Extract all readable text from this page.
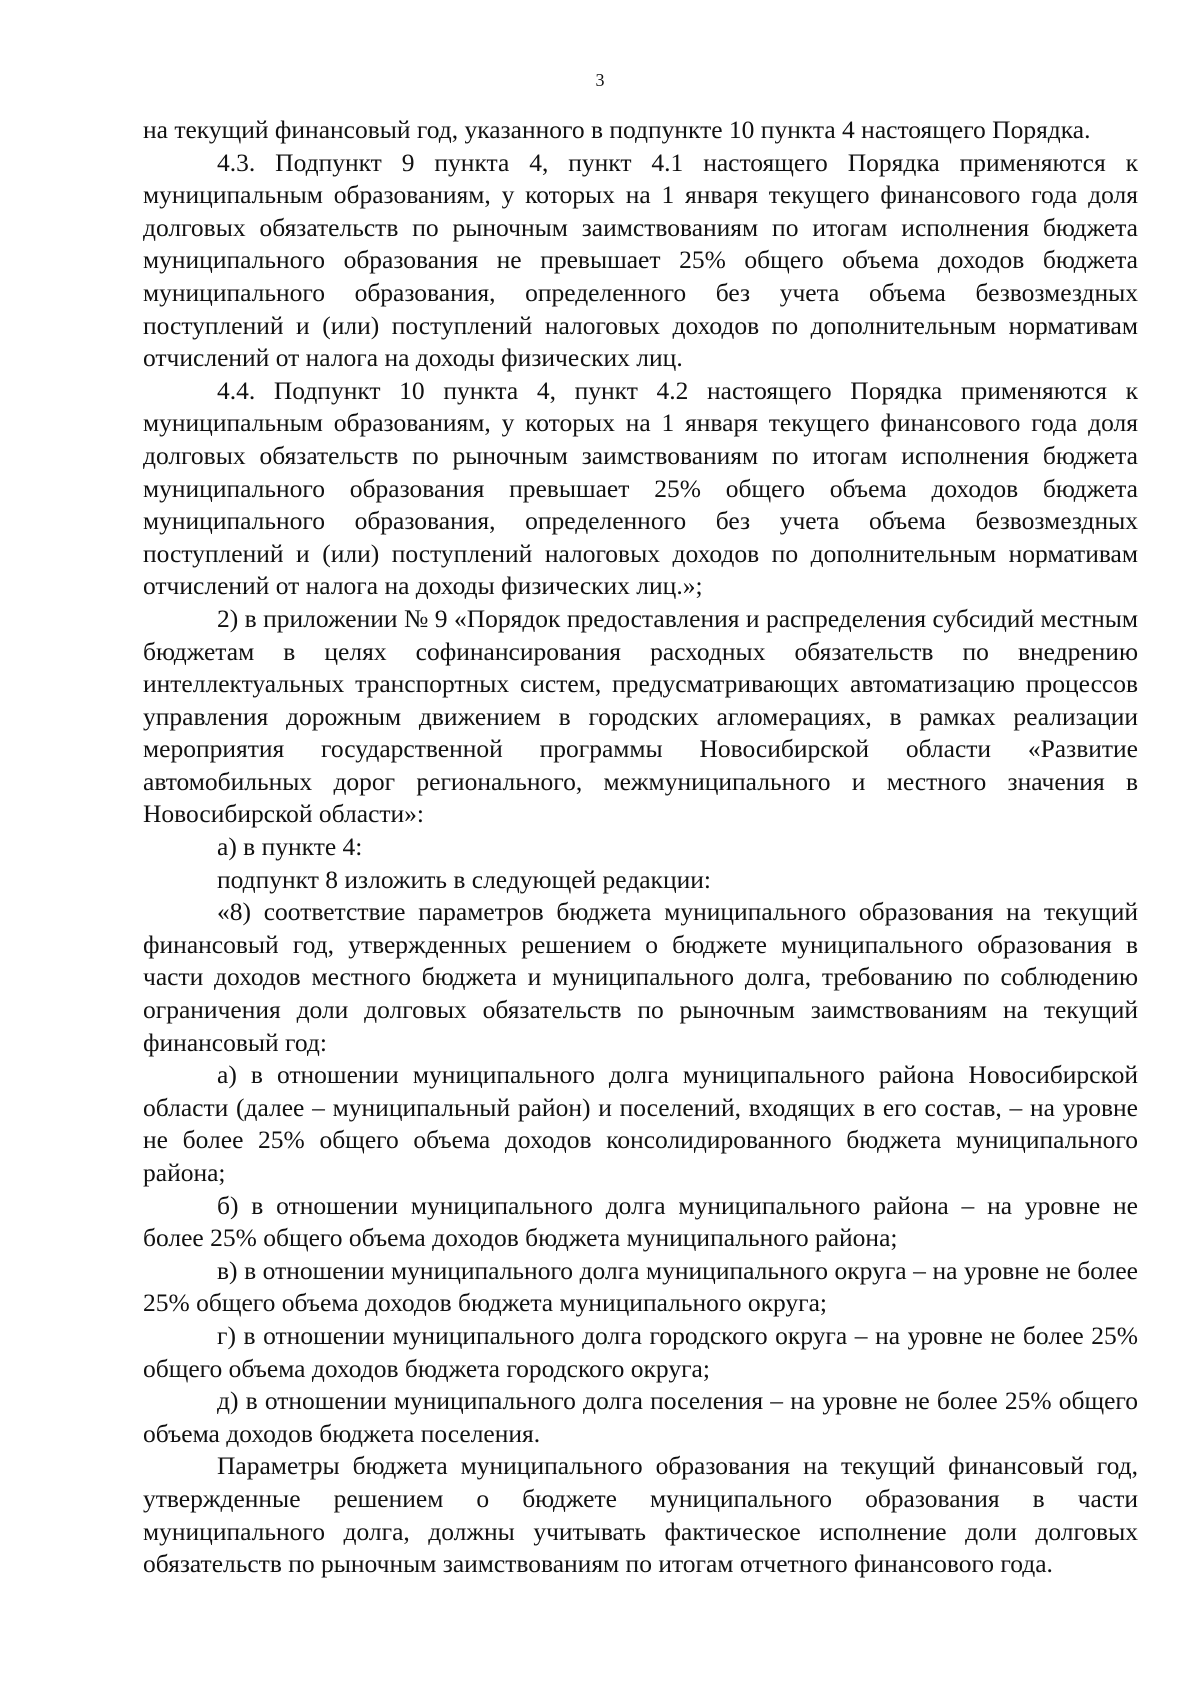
3

на текущий финансовый год, указанного в подпункте 10 пункта 4 настоящего Порядка.

4.3. Подпункт 9 пункта 4, пункт 4.1 настоящего Порядка применяются к муниципальным образованиям, у которых на 1 января текущего финансового года доля долговых обязательств по рыночным заимствованиям по итогам исполнения бюджета муниципального образования не превышает 25% общего объема доходов бюджета муниципального образования, определенного без учета объема безвозмездных поступлений и (или) поступлений налоговых доходов по дополнительным нормативам отчислений от налога на доходы физических лиц.

4.4. Подпункт 10 пункта 4, пункт 4.2 настоящего Порядка применяются к муниципальным образованиям, у которых на 1 января текущего финансового года доля долговых обязательств по рыночным заимствованиям по итогам исполнения бюджета муниципального образования превышает 25% общего объема доходов бюджета муниципального образования, определенного без учета объема безвозмездных поступлений и (или) поступлений налоговых доходов по дополнительным нормативам отчислений от налога на доходы физических лиц.»;

2) в приложении № 9 «Порядок предоставления и распределения субсидий местным бюджетам в целях софинансирования расходных обязательств по внедрению интеллектуальных транспортных систем, предусматривающих автоматизацию процессов управления дорожным движением в городских агломерациях, в рамках реализации мероприятия государственной программы Новосибирской области «Развитие автомобильных дорог регионального, межмуниципального и местного значения в Новосибирской области»:

а) в пункте 4:

подпункт 8 изложить в следующей редакции:

«8) соответствие параметров бюджета муниципального образования на текущий финансовый год, утвержденных решением о бюджете муниципального образования в части доходов местного бюджета и муниципального долга, требованию по соблюдению ограничения доли долговых обязательств по рыночным заимствованиям на текущий финансовый год:

а) в отношении муниципального долга муниципального района Новосибирской области (далее – муниципальный район) и поселений, входящих в его состав, – на уровне не более 25% общего объема доходов консолидированного бюджета муниципального района;

б) в отношении муниципального долга муниципального района – на уровне не более 25% общего объема доходов бюджета муниципального района;

в) в отношении муниципального долга муниципального округа – на уровне не более 25% общего объема доходов бюджета муниципального округа;

г) в отношении муниципального долга городского округа – на уровне не более 25% общего объема доходов бюджета городского округа;

д) в отношении муниципального долга поселения – на уровне не более 25% общего объема доходов бюджета поселения.

Параметры бюджета муниципального образования на текущий финансовый год, утвержденные решением о бюджете муниципального образования в части муниципального долга, должны учитывать фактическое исполнение доли долговых обязательств по рыночным заимствованиям по итогам отчетного финансового года.
